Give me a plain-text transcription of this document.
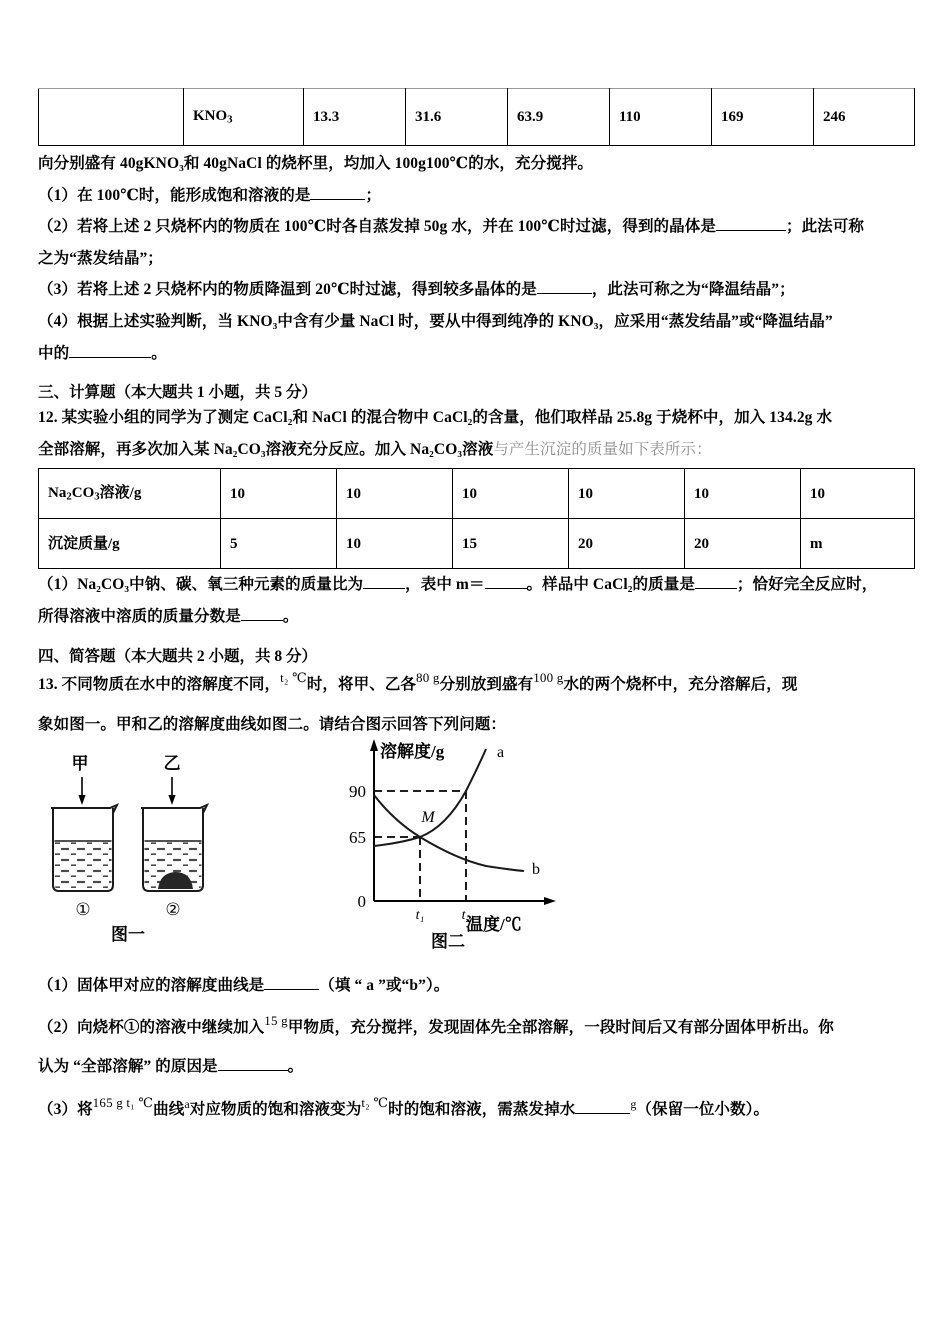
	$KNO_3$	13.3	31.6	63.9	110	169	246
向分别盛有 40gKNO₃和 40gNaCl 的烧杯里，均加入 100g100℃的水，充分搅拌。
（1）在 100℃时，能形成饱和溶液的是	；
（2）若将上述 2 只烧杯内的物质在 100℃时各自蒸发掉 50g 水，并在 100℃时过滤，得到的晶体是	；此法可称
之为“蒸发结晶”；
（3）若将上述 2 只烧杯内的物质降温到 20℃时过滤，得到较多晶体的是	，此法可称之为“降温结晶”；
（4）根据上述实验判断，当 KNO₃中含有少量 NaCl 时，要从中得到纯净的 KNO₃，应采用“蒸发结晶”或“降温结晶”
中的	。
三、计算题（本大题共 1 小题，共 5 分）
12. 某实验小组的同学为了测定 CaCl₂和 NaCl 的混合物中 CaCl₂的含量，他们取样品 25.8g 于烧杯中，加入 134.2g 水
全部溶解，再多次加入某 Na₂CO₃溶液充分反应。加入 Na₂CO₃溶液与产生沉淀的质量如下表所示：
$Na_2CO_3$溶液/g	10	10	10	10	10	10
沉淀质量/g	5	10	15	20	20	m
（1）Na₂CO₃中钠、碳、氧三种元素的质量比为	，表中 m＝	。样品中 CaCl₂的质量是	；恰好完全反应时，
所得溶液中溶质的质量分数是	。
四、简答题（本大题共 2 小题，共 8 分）
13. 不同物质在水中的溶解度不同，$^{t_2 ℃}$时，将甲、乙各$^{80 g}$分别放到盛有$^{100 g}$水的两个烧杯中，充分溶解后，现
象如图一。甲和乙的溶解度曲线如图二。请结合图示回答下列问题：
甲
①
乙
②
图一
溶解度/g
温度/℃
90
65
0
t₁	t₂
a
b
M
图二
（1）固体甲对应的溶解度曲线是	（填 “ a ”或“b”）。
（2）向烧杯①的溶液中继续加入$^{15 g}$甲物质，充分搅拌，发现固体先全部溶解，一段时间后又有部分固体甲析出。你
认为 “全部溶解” 的原因是	。
（3）将$^{165 g t_1 ℃}$曲线$^a$对应物质的饱和溶液变为$^{t_2 ℃}$时的饱和溶液，需蒸发掉水	$^g$（保留一位小数）。
